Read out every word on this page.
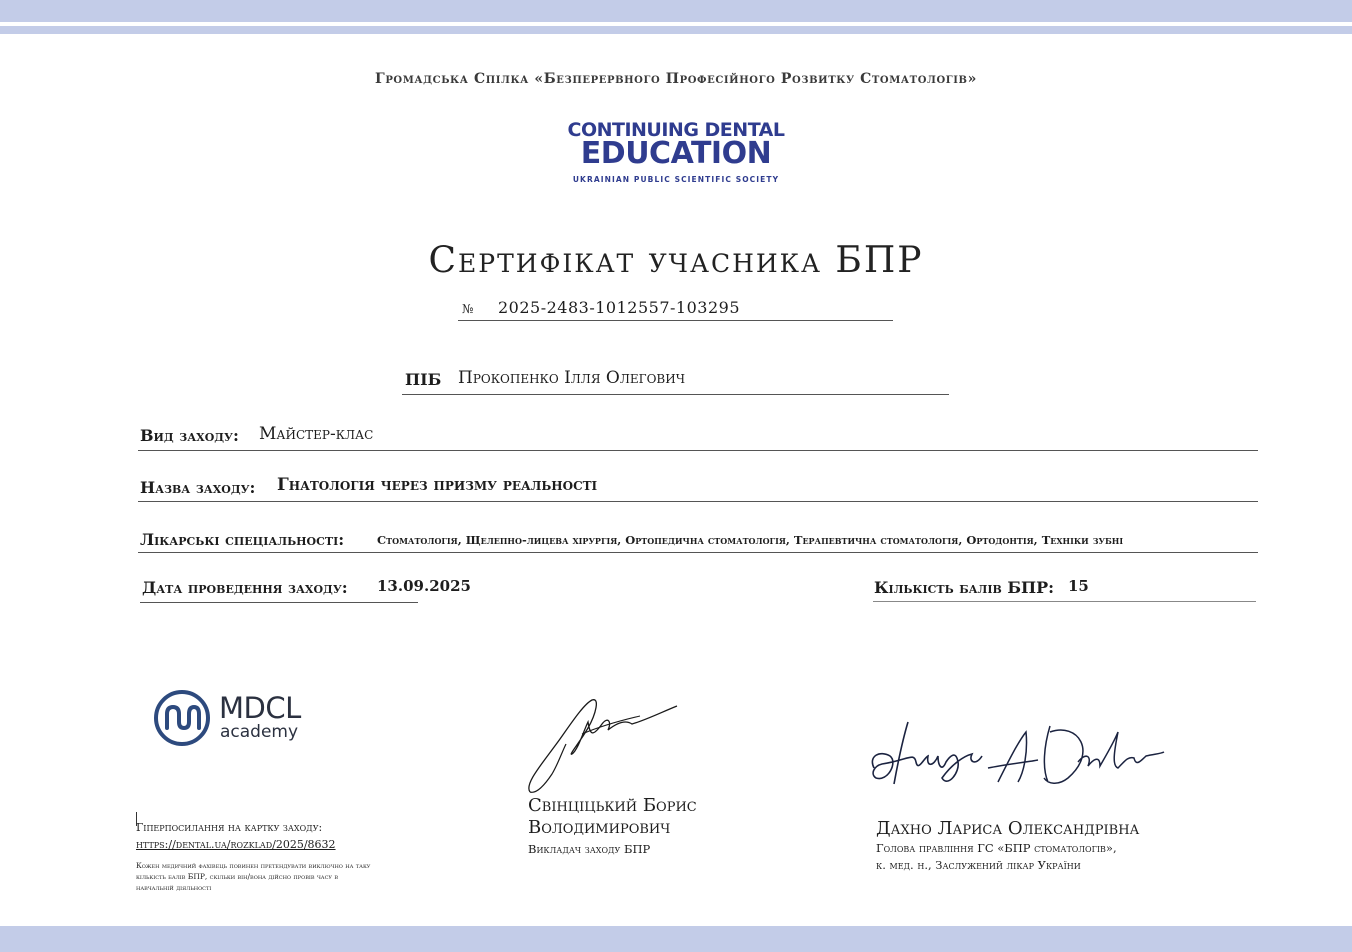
Громадська Спілка «Безперервного Професійного Розвитку Стоматологів»
CONTINUING DENTAL
EDUCATION
UKRAINIAN PUBLIC SCIENTIFIC SOCIETY
Сертифікат учасника БПР
№ 2025-2483-1012557-103295
ПІБ Прокопенко Ілля Олегович
Вид заходу: Майстер-клас
Назва заходу: Гнатологія через призму реальності
Лікарські спеціальності:	Стоматологія, Щелепно-лицева хірургія, Ортопедична стоматологія, Терапевтична стоматологія, Ортодонтія, Техніки зубні
Дата проведення заходу: 13.09.2025	Кількість балів БПР: 15
MDCL
academy
Гіперпосилання на картку заходу:
https://dental.ua/rozklad/2025/8632
Кожен медичний фахівець повинен претендувати виключно на таку кількість балів БПР, скільки він/вона дійсно провів часу в навчальній діяльності
Свінціцький Борис
Володимирович
Викладач заходу БПР
Дахно Лариса Олександрівна
Голова правління ГС «БПР стоматологів»,
к. мед. н., Заслужений лікар України
